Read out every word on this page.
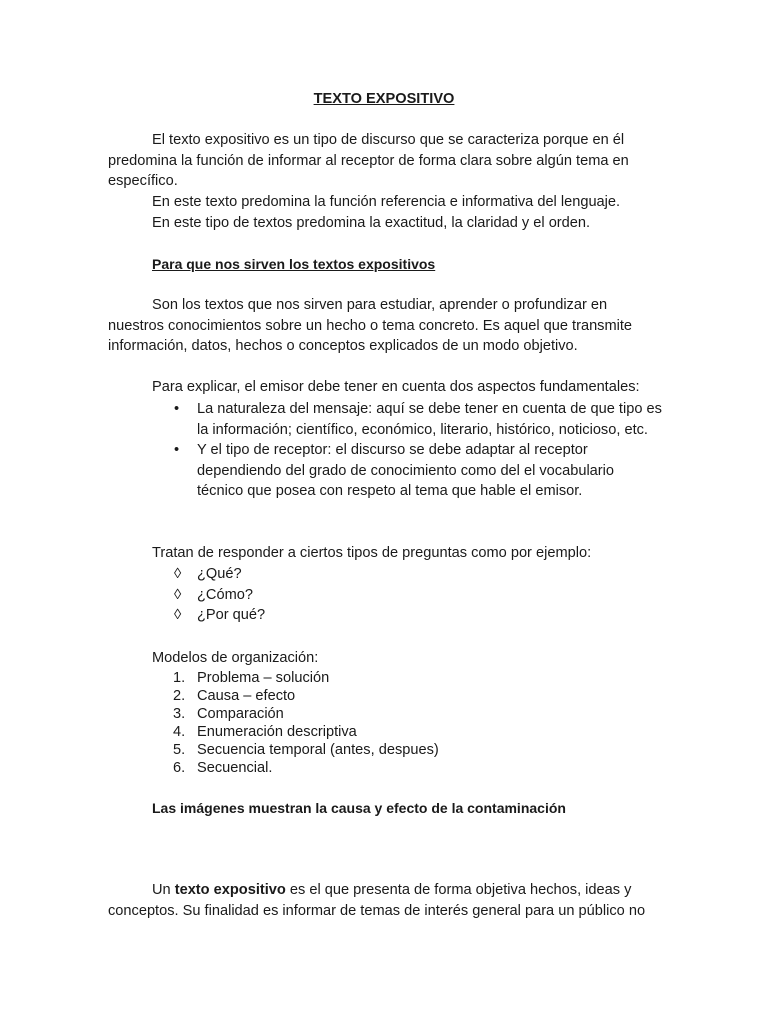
TEXTO EXPOSITIVO

El texto expositivo es un tipo de discurso que se caracteriza porque en él predomina la función de informar al receptor de forma clara sobre algún tema en específico.

En este texto predomina la función referencia e informativa del lenguaje.

En este tipo de textos predomina la exactitud, la claridad y el orden.

Para que nos sirven los textos expositivos

Son los textos que nos sirven para estudiar, aprender o profundizar en nuestros conocimientos sobre un hecho o tema concreto. Es aquel que transmite información, datos, hechos o conceptos explicados de un modo objetivo.

Para explicar, el emisor debe tener en cuenta dos aspectos fundamentales:

• La naturaleza del mensaje: aquí se debe tener en cuenta de que tipo es la información; científico, económico, literario, histórico, noticioso, etc.
• Y el tipo de receptor: el discurso se debe adaptar al receptor dependiendo del grado de conocimiento como del el vocabulario técnico que posea con respeto al tema que hable el emisor.

Tratan de responder a ciertos tipos de preguntas como por ejemplo:

◊ ¿Qué?
◊ ¿Cómo?
◊ ¿Por qué?

Modelos de organización:

1. Problema – solución
2. Causa – efecto
3. Comparación
4. Enumeración descriptiva
5. Secuencia temporal (antes, despues)
6. Secuencial.
Las imágenes muestran la causa y efecto de la contaminación

Un texto expositivo es el que presenta de forma objetiva hechos, ideas y conceptos. Su finalidad es informar de temas de interés general para un público no
